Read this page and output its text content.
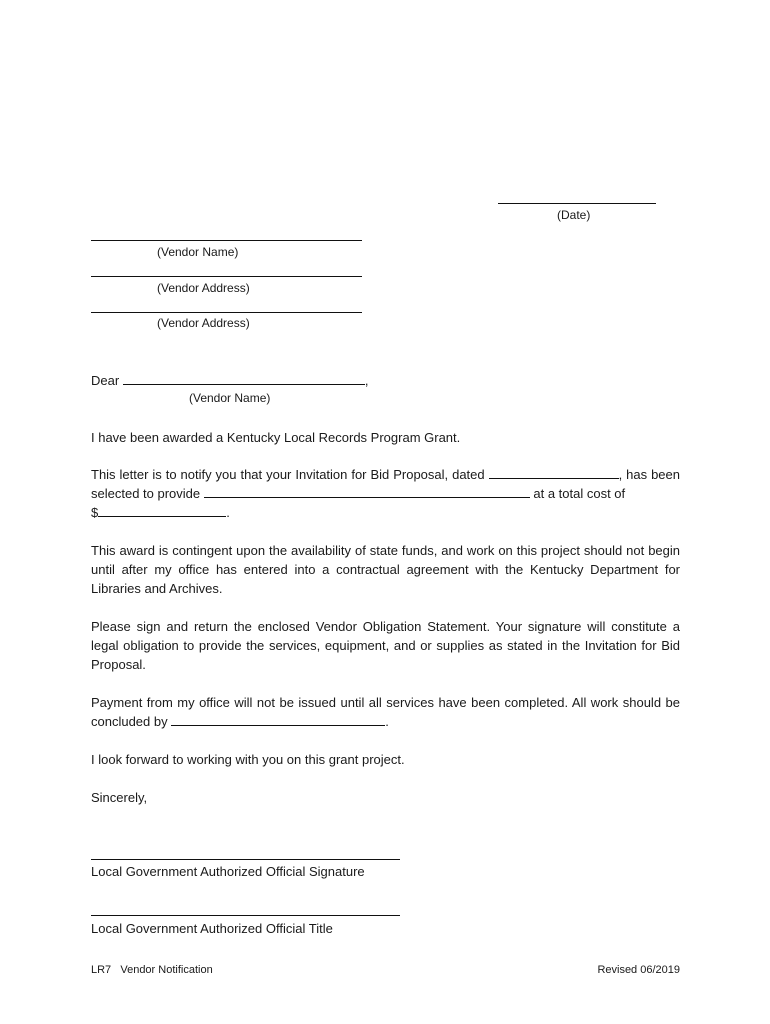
(Date)
(Vendor Name)
(Vendor Address)
(Vendor Address)
Dear	,
(Vendor Name)
I have been awarded a Kentucky Local Records Program Grant.
This letter is to notify you that your Invitation for Bid Proposal, dated	, has been selected to provide	at a total cost of
$	.
This award is contingent upon the availability of state funds, and work on this project should not begin until after my office has entered into a contractual agreement with the Kentucky Department for Libraries and Archives.
Please sign and return the enclosed Vendor Obligation Statement. Your signature will constitute a legal obligation to provide the services, equipment, and or supplies as stated in the Invitation for Bid Proposal.
Payment from my office will not be issued until all services have been completed. All work should be concluded by	.
I look forward to working with you on this grant project.
Sincerely,
Local Government Authorized Official Signature
Local Government Authorized Official Title
LR7   Vendor Notification	Revised 06/2019
